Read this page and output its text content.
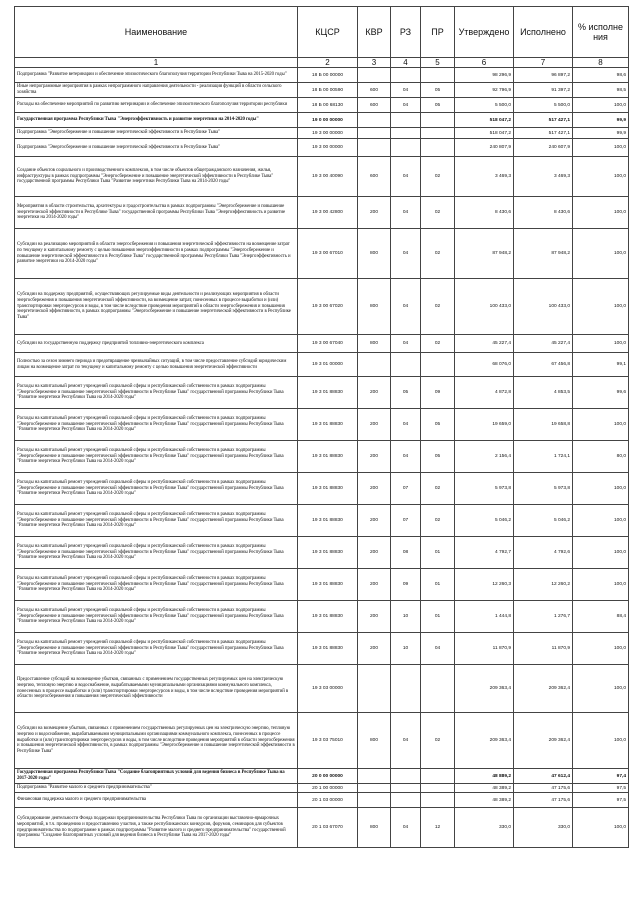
Наименование	КЦСР	КВР	РЗ	ПР	Утверждено	Исполнено	% исполне ния
1	2	3	4	5	6	7	8
Подпрограмма "Развитие ветеринарии и обеспечение эпизоотического благополучия территории Республики Тыва на 2015-2020 годы"	18 Б 00 00000				98 296,9	96 897,2	98,6
Иные непрограммные мероприятия в рамках непрограммного направления деятельности - реализация функций в области сельского хозяйства	18 Б 00 00590	600	04	05	92 796,9	91 397,2	98,5
Расходы на обеспечение мероприятий по развитию ветеринарии и обеспечение эпизоотического благополучия территории республики	18 Б 00 68130	600	04	05	5 500,0	5 500,0	100,0
Государственная программа Республики Тыва "Энергоэффективность и развитие энергетики на 2014-2020 годы"	19 0 00 00000				518 047,2	517 427,1	99,9
Подпрограмма "Энергосбережение и повышение энергетической эффективности в Республике Тыва"	19 3 00 00000				518 047,2	517 427,1	99,9
Подпрограмма "Энергосбережение и повышение энергетической эффективности в Республике Тыва"	19 3 00 00000				240 807,9	240 607,9	100,0
Создание объектов социального и производственного комплексов, в том числе объектов общегражданского назначения, жилья, инфраструктуры в рамках подпрограммы "Энергосбережение и повышение энергетической эффективности в Республике Тыва" государственной программы Республики Тыва "Развитие энергетики Республики Тыва на 2014-2020 годы"	19 3 00 40090	600	04	02	3 469,3	3 469,3	100,0
Мероприятия в области строительства, архитектуры и градостроительства в рамках подпрограммы "Энергосбережение и повышение энергетической эффективности в Республике Тыва" государственной программы Республики Тыва "Энергоэффективность и развитие энергетики на 2014-2020 годы"	19 3 00 42800	200	04	02	8 430,6	8 430,6	100,0
Субсидии на реализацию мероприятий в области энергосбережения и повышения энергетической эффективности на возмещение затрат по текущему и капитальному ремонту с целью повышения энергоэффективности в рамках подпрограммы "Энергосбережение и повышение энергетической эффективности в Республике Тыва" государственной программы Республики Тыва "Энергоэффективность и развитие энергетики на 2014-2020 годы"	19 3 00 67010	800	04	02	87 948,2	87 948,2	100,0
Субсидии на поддержку предприятий, осуществляющих регулируемые виды деятельности и реализующих мероприятия в области энергосбережения и повышения энергетической эффективности, на возмещение затрат, понесенных в процессе выработки и (или) транспортировки энергоресурсов и воды, в том числе вследствие проведения мероприятий в области энергосбережения и повышения энергетической эффективности, в рамках подпрограммы "Энергосбережение и повышение энергетической эффективности в Республике Тыва"	19 3 00 67020	800	04	02	100 433,0	100 433,0	100,0
Субсидии на государственную поддержку предприятий топливно-энергетического комплекса	19 3 00 67040	800	04	02	45 227,4	45 227,4	100,0
Полностью за сезон зимнего периода и предотвращение чрезвычайных ситуаций, в том числе предоставление субсидий юридическим лицам на возмещение затрат по текущему и капитальному ремонту с целью повышения энергетической эффективности	19 3 01 00000				68 076,0	67 456,8	99,1
Расходы на капитальный ремонт учреждений социальной сферы и республиканской собственности в рамках подпрограммы "Энергосбережение и повышение энергетической эффективности в Республике Тыва" государственной программы Республики Тыва "Развитие энергетики Республики Тыва на 2014-2020 годы"	19 3 01 88830	200	05	09	4 872,8	4 853,5	99,6
Расходы на капитальный ремонт учреждений социальной сферы и республиканской собственности в рамках подпрограммы "Энергосбережение и повышение энергетической эффективности в Республике Тыва" государственной программы Республики Тыва "Развитие энергетики Республики Тыва на 2014-2020 годы"	19 3 01 88830	200	04	05	19 659,0	19 658,8	100,0
Расходы на капитальный ремонт учреждений социальной сферы и республиканской собственности в рамках подпрограммы "Энергосбережение и повышение энергетической эффективности в Республике Тыва" государственной программы Республики Тыва "Развитие энергетики Республики Тыва на 2014-2020 годы"	19 3 01 88830	200	04	05	2 156,4	1 724,1	80,0
Расходы на капитальный ремонт учреждений социальной сферы и республиканской собственности в рамках подпрограммы "Энергосбережение и повышение энергетической эффективности в Республике Тыва" государственной программы Республики Тыва "Развитие энергетики Республики Тыва на 2014-2020 годы"	19 3 01 88830	200	07	02	5 973,8	5 973,8	100,0
Расходы на капитальный ремонт учреждений социальной сферы и республиканской собственности в рамках подпрограммы "Энергосбережение и повышение энергетической эффективности в Республике Тыва" государственной программы Республики Тыва "Развитие энергетики Республики Тыва на 2014-2020 годы"	19 3 01 88830	200	07	02	5 046,2	5 046,2	100,0
Расходы на капитальный ремонт учреждений социальной сферы и республиканской собственности в рамках подпрограммы "Энергосбережение и повышение энергетической эффективности в Республике Тыва" государственной программы Республики Тыва "Развитие энергетики Республики Тыва на 2014-2020 годы"	19 3 01 88830	200	08	01	4 792,7	4 792,6	100,0
Расходы на капитальный ремонт учреждений социальной сферы и республиканской собственности в рамках подпрограммы "Энергосбережение и повышение энергетической эффективности в Республике Тыва" государственной программы Республики Тыва "Развитие энергетики Республики Тыва на 2014-2020 годы"	19 3 01 88830	200	09	01	12 260,3	12 260,2	100,0
Расходы на капитальный ремонт учреждений социальной сферы и республиканской собственности в рамках подпрограммы "Энергосбережение и повышение энергетической эффективности в Республике Тыва" государственной программы Республики Тыва "Развитие энергетики Республики Тыва на 2014-2020 годы"	19 3 01 88830	200	10	01	1 444,8	1 276,7	88,4
Расходы на капитальный ремонт учреждений социальной сферы и республиканской собственности в рамках подпрограммы "Энергосбережение и повышение энергетической эффективности в Республике Тыва" государственной программы Республики Тыва "Развитие энергетики Республики Тыва на 2014-2020 годы"	19 3 01 88830	200	10	04	11 870,9	11 870,9	100,0
Предоставление субсидий на возмещение убытков, связанных с применением государственных регулируемых цен на электрическую энергию, тепловую энергию и водоснабжение, вырабатываемыми муниципальными организациями коммунального комплекса, понесенных в процессе выработки и (или) транспортировки энергоресурсов и воды, в том числе вследствие проведения мероприятий в области энергосбережения и повышения энергетической эффективности	19 3 03 00000				209 363,4	209 362,4	100,0
Субсидии на возмещение убытков, связанных с применением государственных регулируемых цен на электрическую энергию, тепловую энергию и водоснабжение, вырабатываемыми муниципальными организациями коммунального комплекса, понесенных в процессе выработки и (или) транспортировки энергоресурсов и воды, в том числе вследствие проведения мероприятий в области энергосбережения и повышения энергетической эффективности, в рамках подпрограммы "Энергосбережение и повышение энергетической эффективности в Республике Тыва"	19 3 03 75010	800	04	02	209 363,4	209 362,4	100,0
Государственная программа Республики Тыва "Создание благоприятных условий для ведения бизнеса в Республике Тыва на 2017-2020 годы"	20 0 00 00000				48 889,2	47 612,4	97,4
Подпрограмма "Развитие малого и среднего предпринимательства"	20 1 00 00000				48 389,2	47 175,6	97,5
Финансовая поддержка малого и среднего предпринимательства	20 1 03 00000				48 389,2	47 175,6	97,5
Субсидирование деятельности Фонда поддержки предпринимательства Республики Тыва по организации выставочно-ярмарочных мероприятий, в т.ч. проведению и предоставлению участия, а также республиканских конкурсов, форумов, семинаров для субъектов предпринимательства по подпрограмме в рамках подпрограммы "Развитие малого и среднего предпринимательства" государственной программы "Создание благоприятных условий для ведения бизнеса в Республике Тыва на 2017-2020 годы"	20 1 03 67070	800	04	12	330,0	330,0	100,0
